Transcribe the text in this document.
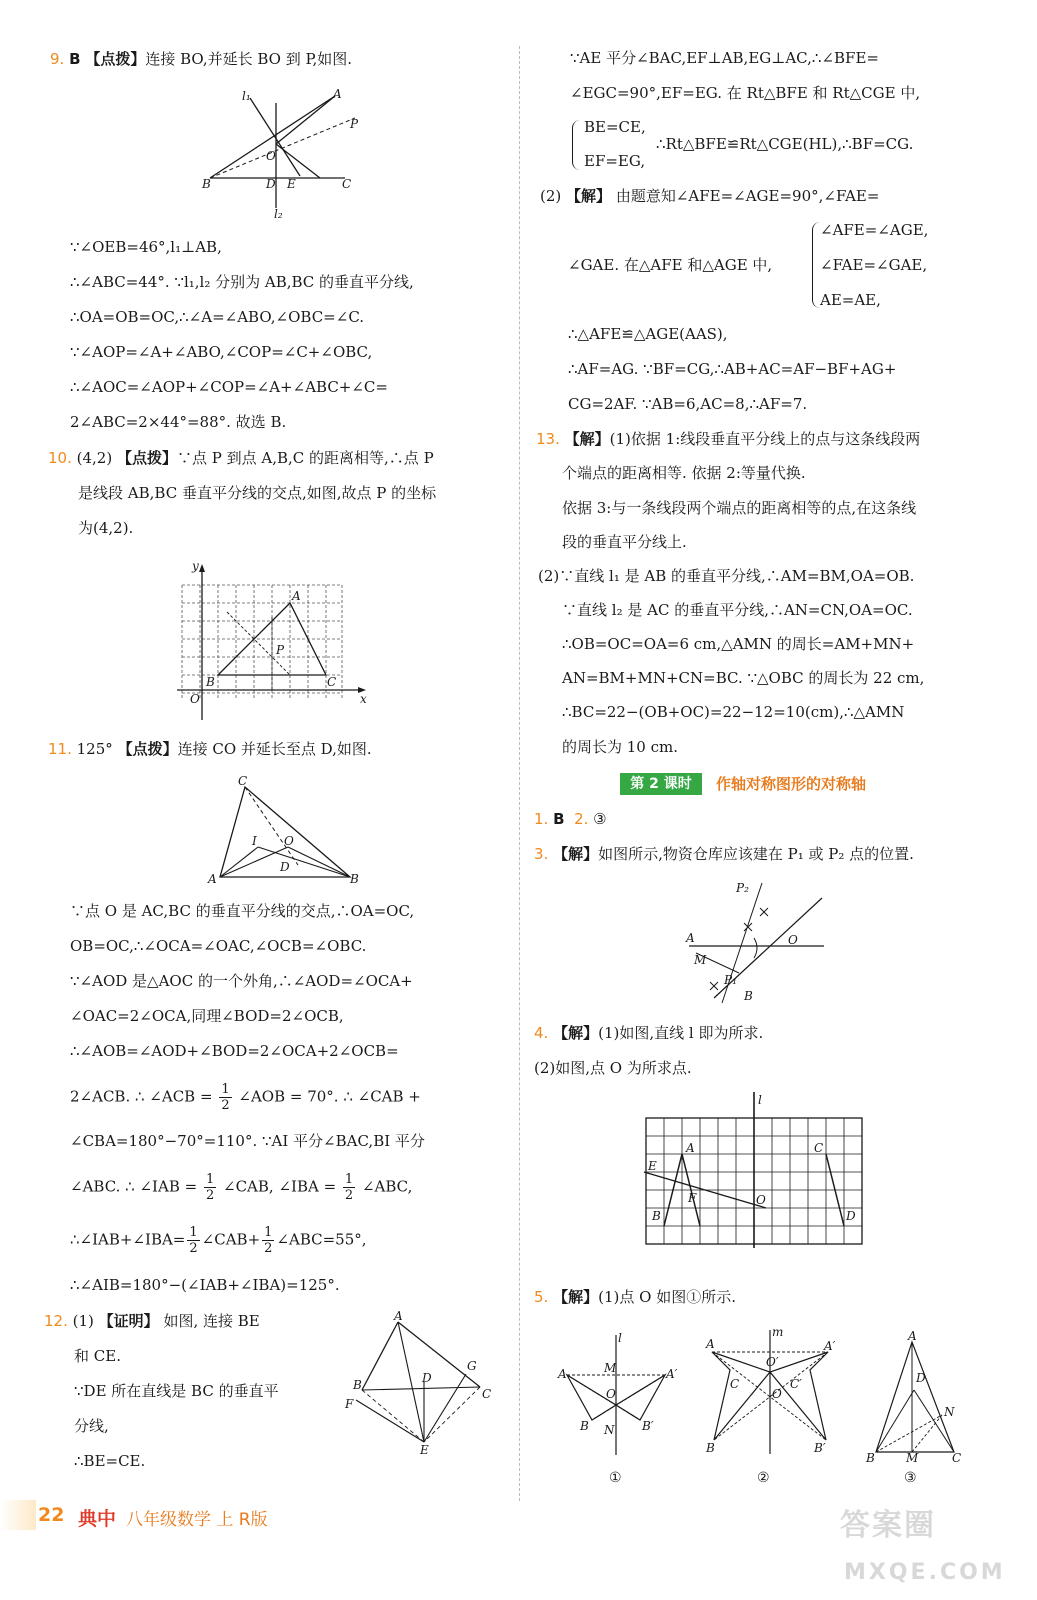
9. B 【点拨】连接 BO,并延长 BO 到 P,如图.
A
P
O
B	D E	C
l₁
l₂
∵∠OEB=46°,l₁⊥AB,
∴∠ABC=44°. ∵l₁,l₂ 分别为 AB,BC 的垂直平分线,
∴OA=OB=OC,∴∠A=∠ABO,∠OBC=∠C.
∵∠AOP=∠A+∠ABO,∠COP=∠C+∠OBC,
∴∠AOC=∠AOP+∠COP=∠A+∠ABC+∠C=
2∠ABC=2×44°=88°. 故选 B.
10. (4,2) 【点拨】∵点 P 到点 A,B,C 的距离相等,∴点 P
是线段 AB,BC 垂直平分线的交点,如图,故点 P 的坐标
为(4,2).
y
x
O
A
B	C
P
11. 125° 【点拨】连接 CO 并延长至点 D,如图.
C
I O
D
A	B
∵点 O 是 AC,BC 的垂直平分线的交点,∴OA=OC,
OB=OC,∴∠OCA=∠OAC,∠OCB=∠OBC.
∵∠AOD 是△AOC 的一个外角,∴∠AOD=∠OCA+
∠OAC=2∠OCA,同理∠BOD=2∠OCB,
∴∠AOB=∠AOD+∠BOD=2∠OCA+2∠OCB=
2∠ACB. ∴ ∠ACB = $\frac{1}{2}$ ∠AOB = 70°. ∴ ∠CAB +
∠CBA=180°−70°=110°. ∵AI 平分∠BAC,BI 平分
∠ABC. ∴ ∠IAB = $\frac{1}{2}$ ∠CAB, ∠IBA = $\frac{1}{2}$ ∠ABC,
∴∠IAB+∠IBA= $\frac{1}{2}$ ∠CAB+ $\frac{1}{2}$ ∠ABC=55°,
∴∠AIB=180°−(∠IAB+∠IBA)=125°.
12. (1) 【证明】 如图, 连接 BE
和 CE.
∵DE 所在直线是 BC 的垂直平
分线,
∴BE=CE.
A
G
B	D
C
F
E
∵AE 平分∠BAC,EF⊥AB,EG⊥AC,∴∠BFE=
∠EGC=90°,EF=EG. 在 Rt△BFE 和 Rt△CGE 中,
BE=CE,
EF=EG,
∴Rt△BFE≌Rt△CGE(HL),∴BF=CG.
(2) 【解】 由题意知∠AFE=∠AGE=90°,∠FAE=
∠GAE. 在△AFE 和△AGE 中,
∠AFE=∠AGE,
∠FAE=∠GAE,
AE=AE,
∴△AFE≌△AGE(AAS),
∴AF=AG. ∵BF=CG,∴AB+AC=AF−BF+AG+
CG=2AF. ∵AB=6,AC=8,∴AF=7.
13. 【解】(1)依据 1:线段垂直平分线上的点与这条线段两
个端点的距离相等. 依据 2:等量代换.
依据 3:与一条线段两个端点的距离相等的点,在这条线
段的垂直平分线上.
(2)∵直线 l₁ 是 AB 的垂直平分线,∴AM=BM,OA=OB.
∵直线 l₂ 是 AC 的垂直平分线,∴AN=CN,OA=OC.
∴OB=OC=OA=6 cm,△AMN 的周长=AM+MN+
AN=BM+MN+CN=BC. ∵△OBC 的周长为 22 cm,
∴BC=22−(OB+OC)=22−12=10(cm),∴△AMN
的周长为 10 cm.
第 2 课时	作轴对称图形的对称轴
1. B 2. ③
3. 【解】如图所示,物资仓库应该建在 P₁ 或 P₂ 点的位置.
P₂
A	O
M
P₁
B
4. 【解】(1)如图,直线 l 即为所求.
(2)如图,点 O 为所求点.
l
A	C
E
F	O
B	D
5. 【解】(1)点 O 如图①所示.
l
M
A	A′
O
B N B′
①
m
A
O′
A′
C	C′
O
B	B′
②
A
D
N
B	M	C
③
22 典中 八年级数学 上 R版	答案圈
MXQE.COM
